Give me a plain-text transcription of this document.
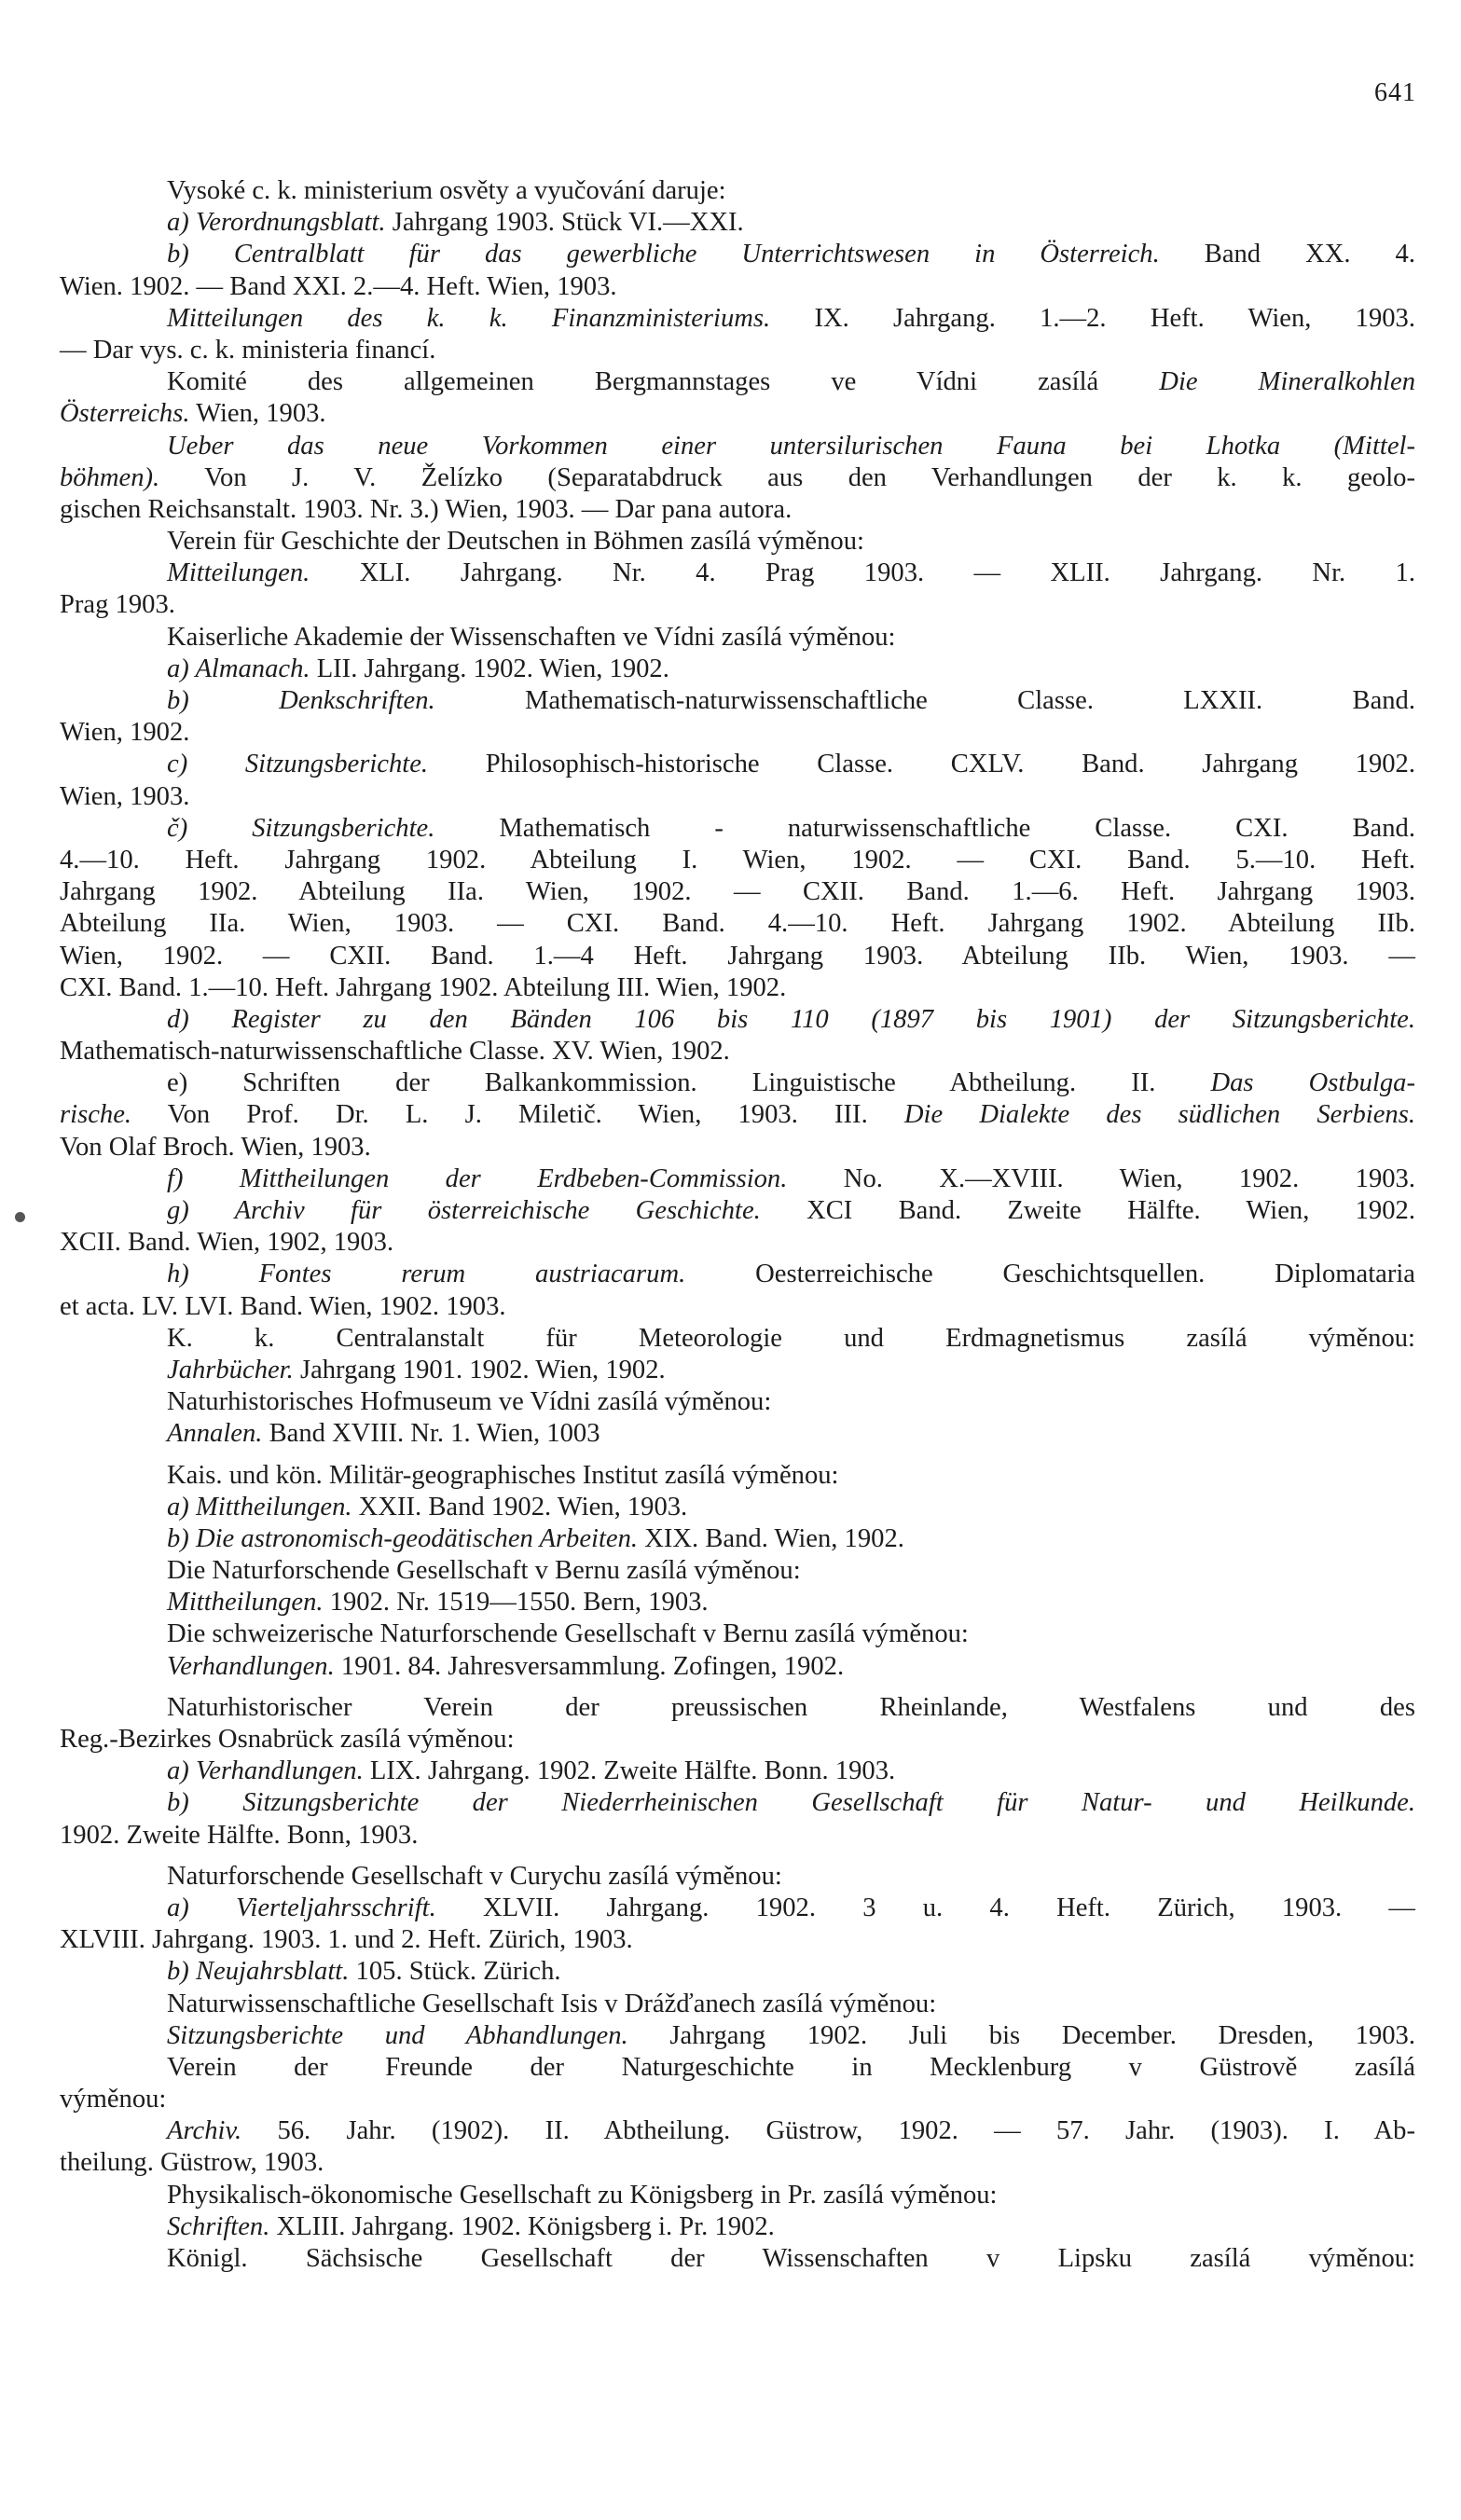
641
Vysoké c. k. ministerium osvěty a vyučování daruje:
a) Verordnungsblatt. Jahrgang 1903. Stück VI.—XXI.
b) Centralblatt für das gewerbliche Unterrichtswesen in Österreich. Band XX. 4.
Wien. 1902. — Band XXI. 2.—4. Heft. Wien, 1903.
Mitteilungen des k. k. Finanzministeriums. IX. Jahrgang. 1.—2. Heft. Wien, 1903.
— Dar vys. c. k. ministeria financí.
Komité des allgemeinen Bergmannstages ve Vídni zasílá Die Mineralkohlen
Österreichs. Wien, 1903.
Ueber das neue Vorkommen einer untersilurischen Fauna bei Lhotka (Mittel-
böhmen). Von J. V. Želízko (Separatabdruck aus den Verhandlungen der k. k. geolo-
gischen Reichsanstalt. 1903. Nr. 3.) Wien, 1903. — Dar pana autora.
Verein für Geschichte der Deutschen in Böhmen zasílá výměnou:
Mitteilungen. XLI. Jahrgang. Nr. 4. Prag 1903. — XLII. Jahrgang. Nr. 1.
Prag 1903.
Kaiserliche Akademie der Wissenschaften ve Vídni zasílá výměnou:
a) Almanach. LII. Jahrgang. 1902. Wien, 1902.
b) Denkschriften. Mathematisch-naturwissenschaftliche Classe. LXXII. Band.
Wien, 1902.
c) Sitzungsberichte. Philosophisch-historische Classe. CXLV. Band. Jahrgang 1902.
Wien, 1903.
č) Sitzungsberichte. Mathematisch - naturwissenschaftliche Classe. CXI. Band.
4.—10. Heft. Jahrgang 1902. Abteilung I. Wien, 1902. — CXI. Band. 5.—10. Heft.
Jahrgang 1902. Abteilung IIa. Wien, 1902. — CXII. Band. 1.—6. Heft. Jahrgang 1903.
Abteilung IIa. Wien, 1903. — CXI. Band. 4.—10. Heft. Jahrgang 1902. Abteilung IIb.
Wien, 1902. — CXII. Band. 1.—4 Heft. Jahrgang 1903. Abteilung IIb. Wien, 1903. —
CXI. Band. 1.—10. Heft. Jahrgang 1902. Abteilung III. Wien, 1902.
d) Register zu den Bänden 106 bis 110 (1897 bis 1901) der Sitzungsberichte.
Mathematisch-naturwissenschaftliche Classe. XV. Wien, 1902.
e) Schriften der Balkankommission. Linguistische Abtheilung. II. Das Ostbulga-
rische. Von Prof. Dr. L. J. Miletič. Wien, 1903. III. Die Dialekte des südlichen Serbiens.
Von Olaf Broch. Wien, 1903.
f) Mittheilungen der Erdbeben-Commission. No. X.—XVIII. Wien, 1902. 1903.
g) Archiv für österreichische Geschichte. XCI Band. Zweite Hälfte. Wien, 1902.
XCII. Band. Wien, 1902, 1903.
h) Fontes rerum austriacarum. Oesterreichische Geschichtsquellen. Diplomataria
et acta. LV. LVI. Band. Wien, 1902. 1903.
K. k. Centralanstalt für Meteorologie und Erdmagnetismus zasílá výměnou:
Jahrbücher. Jahrgang 1901. 1902. Wien, 1902.
Naturhistorisches Hofmuseum ve Vídni zasílá výměnou:
Annalen. Band XVIII. Nr. 1. Wien, 1003
Kais. und kön. Militär-geographisches Institut zasílá výměnou:
a) Mittheilungen. XXII. Band 1902. Wien, 1903.
b) Die astronomisch-geodätischen Arbeiten. XIX. Band. Wien, 1902.
Die Naturforschende Gesellschaft v Bernu zasílá výměnou:
Mittheilungen. 1902. Nr. 1519—1550. Bern, 1903.
Die schweizerische Naturforschende Gesellschaft v Bernu zasílá výměnou:
Verhandlungen. 1901. 84. Jahresversammlung. Zofingen, 1902.
Naturhistorischer Verein der preussischen Rheinlande, Westfalens und des
Reg.-Bezirkes Osnabrück zasílá výměnou:
a) Verhandlungen. LIX. Jahrgang. 1902. Zweite Hälfte. Bonn. 1903.
b) Sitzungsberichte der Niederrheinischen Gesellschaft für Natur- und Heilkunde.
1902. Zweite Hälfte. Bonn, 1903.
Naturforschende Gesellschaft v Curychu zasílá výměnou:
a) Vierteljahrsschrift. XLVII. Jahrgang. 1902. 3 u. 4. Heft. Zürich, 1903. —
XLVIII. Jahrgang. 1903. 1. und 2. Heft. Zürich, 1903.
b) Neujahrsblatt. 105. Stück. Zürich.
Naturwissenschaftliche Gesellschaft Isis v Drážďanech zasílá výměnou:
Sitzungsberichte und Abhandlungen. Jahrgang 1902. Juli bis December. Dresden, 1903.
Verein der Freunde der Naturgeschichte in Mecklenburg v Güstrově zasílá
výměnou:
Archiv. 56. Jahr. (1902). II. Abtheilung. Güstrow, 1902. — 57. Jahr. (1903). I. Ab-
theilung. Güstrow, 1903.
Physikalisch-ökonomische Gesellschaft zu Königsberg in Pr. zasílá výměnou:
Schriften. XLIII. Jahrgang. 1902. Königsberg i. Pr. 1902.
Königl. Sächsische Gesellschaft der Wissenschaften v Lipsku zasílá výměnou:
